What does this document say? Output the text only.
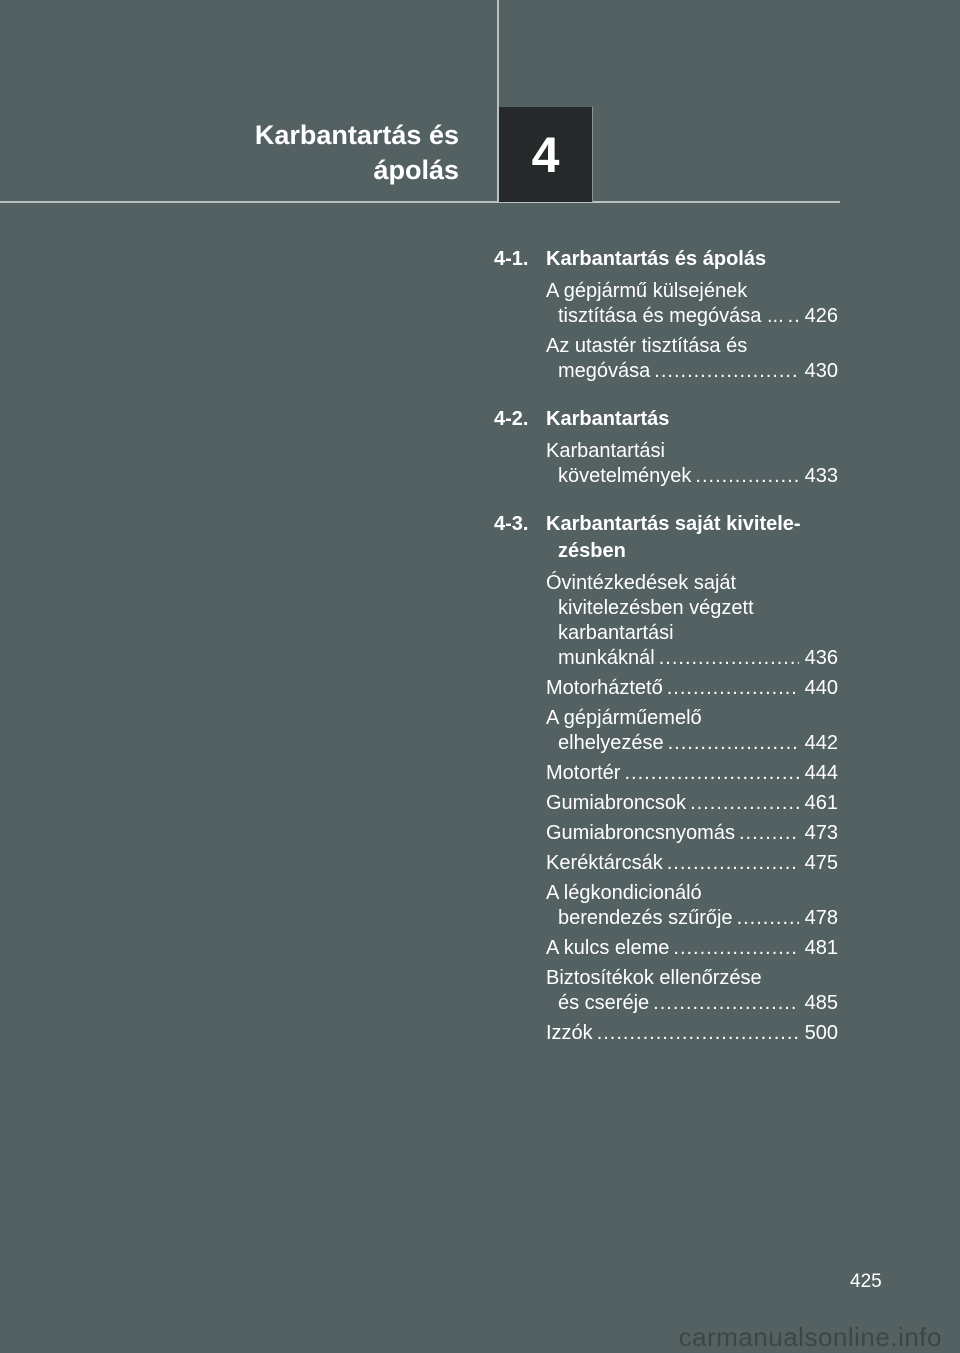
4
Karbantartás és
ápolás
4-1. Karbantartás és ápolás
A gépjármű külsejének
tisztítása és megóvása ... ..... 426
Az utastér tisztítása és
megóvása .....	430
4-2. Karbantartás
Karbantartási
követelmények .....	433
4-3. Karbantartás saját kivitele-zésben
Óvintézkedések saját
kivitelezésben végzett
karbantartási
munkáknál .....	436
Motorháztető .....	440
A gépjárműemelő
elhelyezése .....	442
Motortér .....	444
Gumiabroncsok .....	461
Gumiabroncsnyomás .....	473
Keréktárcsák .....	475
A légkondicionáló
berendezés szűrője .....	478
A kulcs eleme .....	481
Biztosítékok ellenőrzése
és cseréje .....	485
Izzók .....	500
425
carmanualsonline.info
